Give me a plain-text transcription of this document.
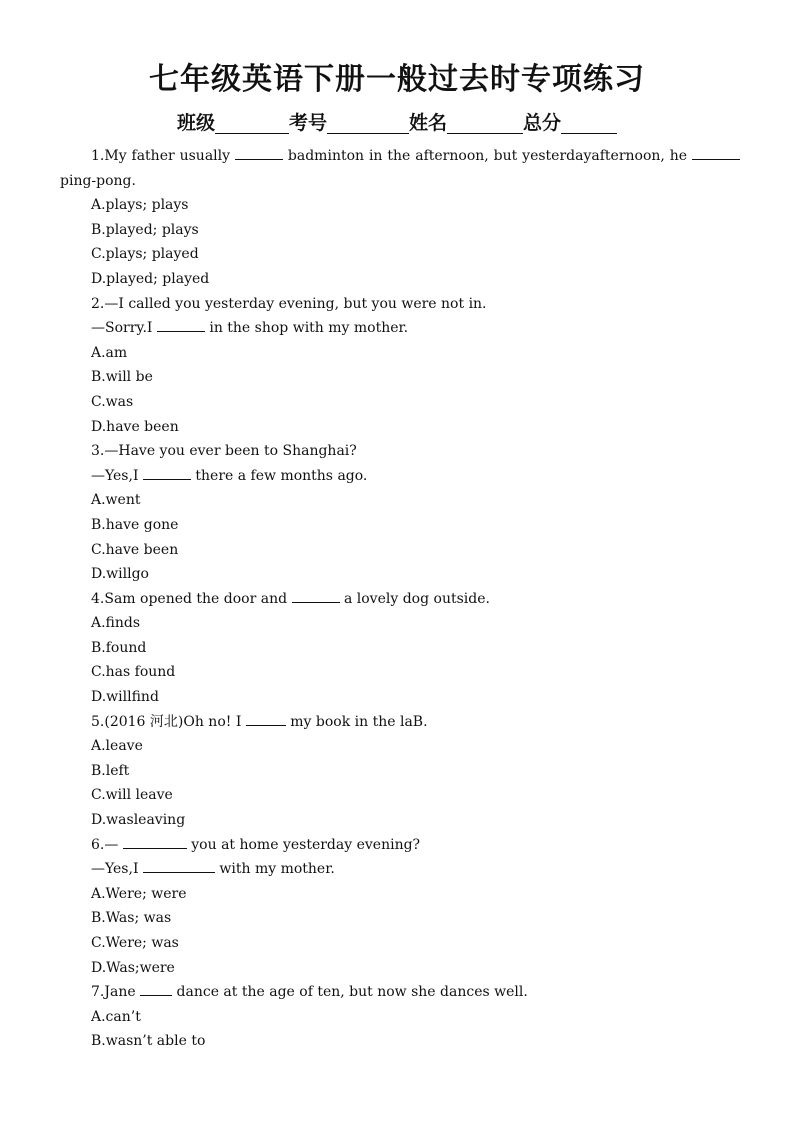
七年级英语下册一般过去时专项练习
班级	考号	姓名	总分

1.My father usually	badminton in the afternoon, but yesterdayafternoon, he  ping-pong.

A.plays; plays

B.played; plays

C.plays; played

D.played; played

2.—I called you yesterday evening, but you were not in.

—Sorry.I	in the shop with my mother.

A.am

B.will be

C.was

D.have been

3.—Have you ever been to Shanghai?

—Yes,I	there a few months ago.

A.went

B.have gone

C.have been

D.willgo

4.Sam opened the door and	a lovely dog outside.

A.finds

B.found

C.has found

D.willfind

5.(2016 河北)Oh no! I	my book in the laB.

A.leave

B.left

C.will leave

D.wasleaving

6.—	you at home yesterday evening?

—Yes,I	with my mother.

A.Were; were

B.Was; was

C.Were; was

D.Was;were

7.Jane  dance at the age of ten, but now she dances well.

A.can’t

B.wasn’t able to
